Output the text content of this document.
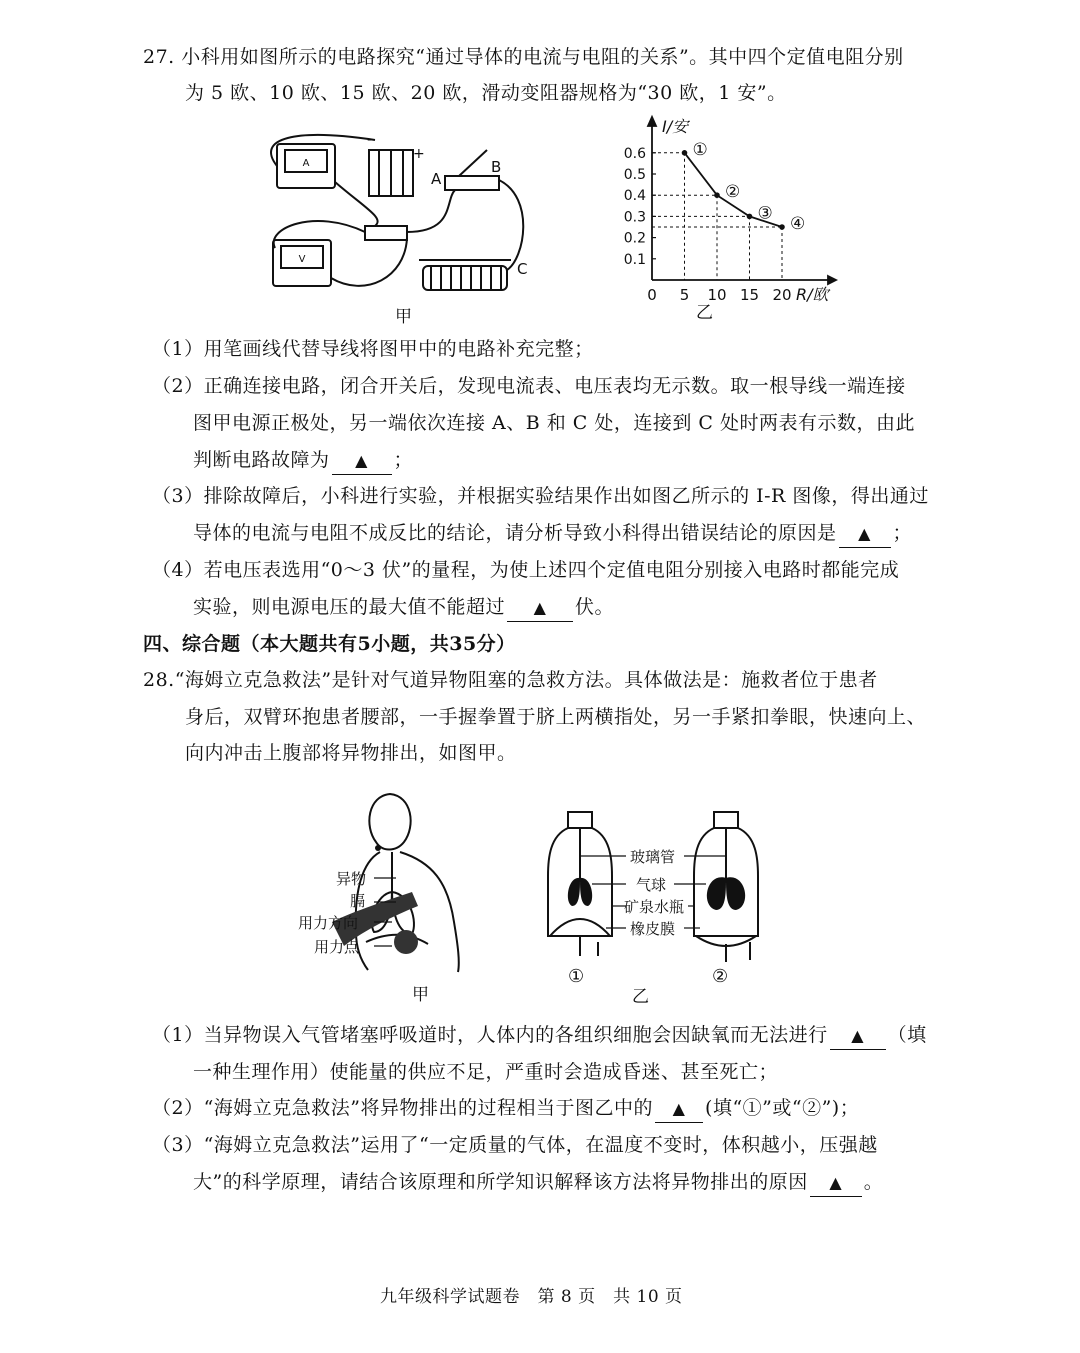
27. 小科用如图所示的电路探究“通过导体的电流与电阻的关系”。其中四个定值电阻分别
为 5 欧、10 欧、15 欧、20 欧，滑动变阻器规格为“30 欧，1 安”。
A
V
-
+
A
B
C
甲
I/安
R/欧
乙
0.1
0.2
0.3
0.4
0.5
0.6
0 5 10 15 20
①
②
③
④
（1）用笔画线代替导线将图甲中的电路补充完整；
（2）正确连接电路，闭合开关后，发现电流表、电压表均无示数。取一根导线一端连接
图甲电源正极处，另一端依次连接 A、B 和 C 处，连接到 C 处时两表有示数，由此
判断电路故障为 ▲ ；
（3）排除故障后，小科进行实验，并根据实验结果作出如图乙所示的 I-R 图像，得出通过
导体的电流与电阻不成反比的结论，请分析导致小科得出错误结论的原因是 ▲ ；
（4）若电压表选用“0～3 伏”的量程，为使上述四个定值电阻分别接入电路时都能完成
实验，则电源电压的最大值不能超过 ▲ 伏。
四、综合题（本大题共有5小题，共35分）
28.“海姆立克急救法”是针对气道异物阻塞的急救方法。具体做法是：施救者位于患者
身后，双臂环抱患者腰部，一手握拳置于脐上两横指处，另一手紧扣拳眼，快速向上、
向内冲击上腹部将异物排出，如图甲。
异物
膈
用力方向
用力点
甲
玻璃管
气球
矿泉水瓶
橡皮膜
①	②
乙
（1）当异物误入气管堵塞呼吸道时，人体内的各组织细胞会因缺氧而无法进行 ▲ （填
一种生理作用）使能量的供应不足，严重时会造成昏迷、甚至死亡；
（2）“海姆立克急救法”将异物排出的过程相当于图乙中的 ▲ (填“①”或“②”)；
（3）“海姆立克急救法”运用了“一定质量的气体，在温度不变时，体积越小，压强越
大”的科学原理，请结合该原理和所学知识解释该方法将异物排出的原因 ▲ 。
九年级科学试题卷　第 8 页　共 10 页
